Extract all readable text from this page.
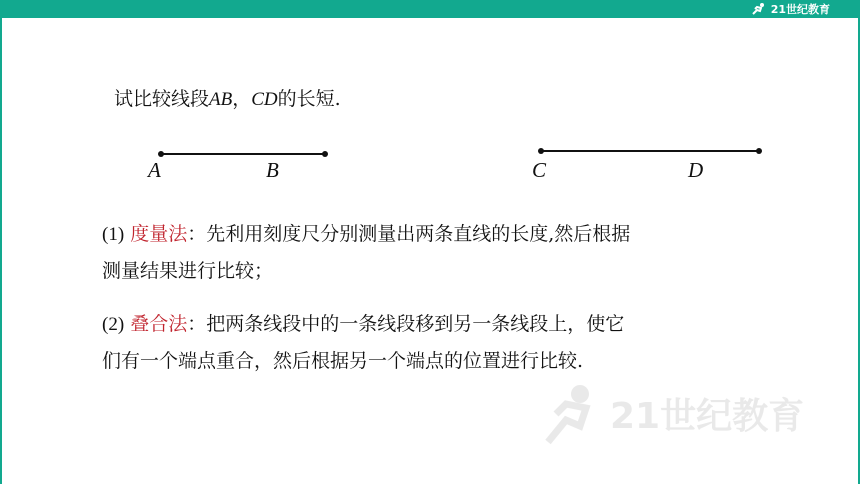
21世纪教育
试比较线段AB，CD的长短.
A	B	C	D
(1) 度量法：先利用刻度尺分别测量出两条直线的长度,然后根据
测量结果进行比较；
(2) 叠合法：把两条线段中的一条线段移到另一条线段上，使它
们有一个端点重合，然后根据另一个端点的位置进行比较.
21世纪教育
